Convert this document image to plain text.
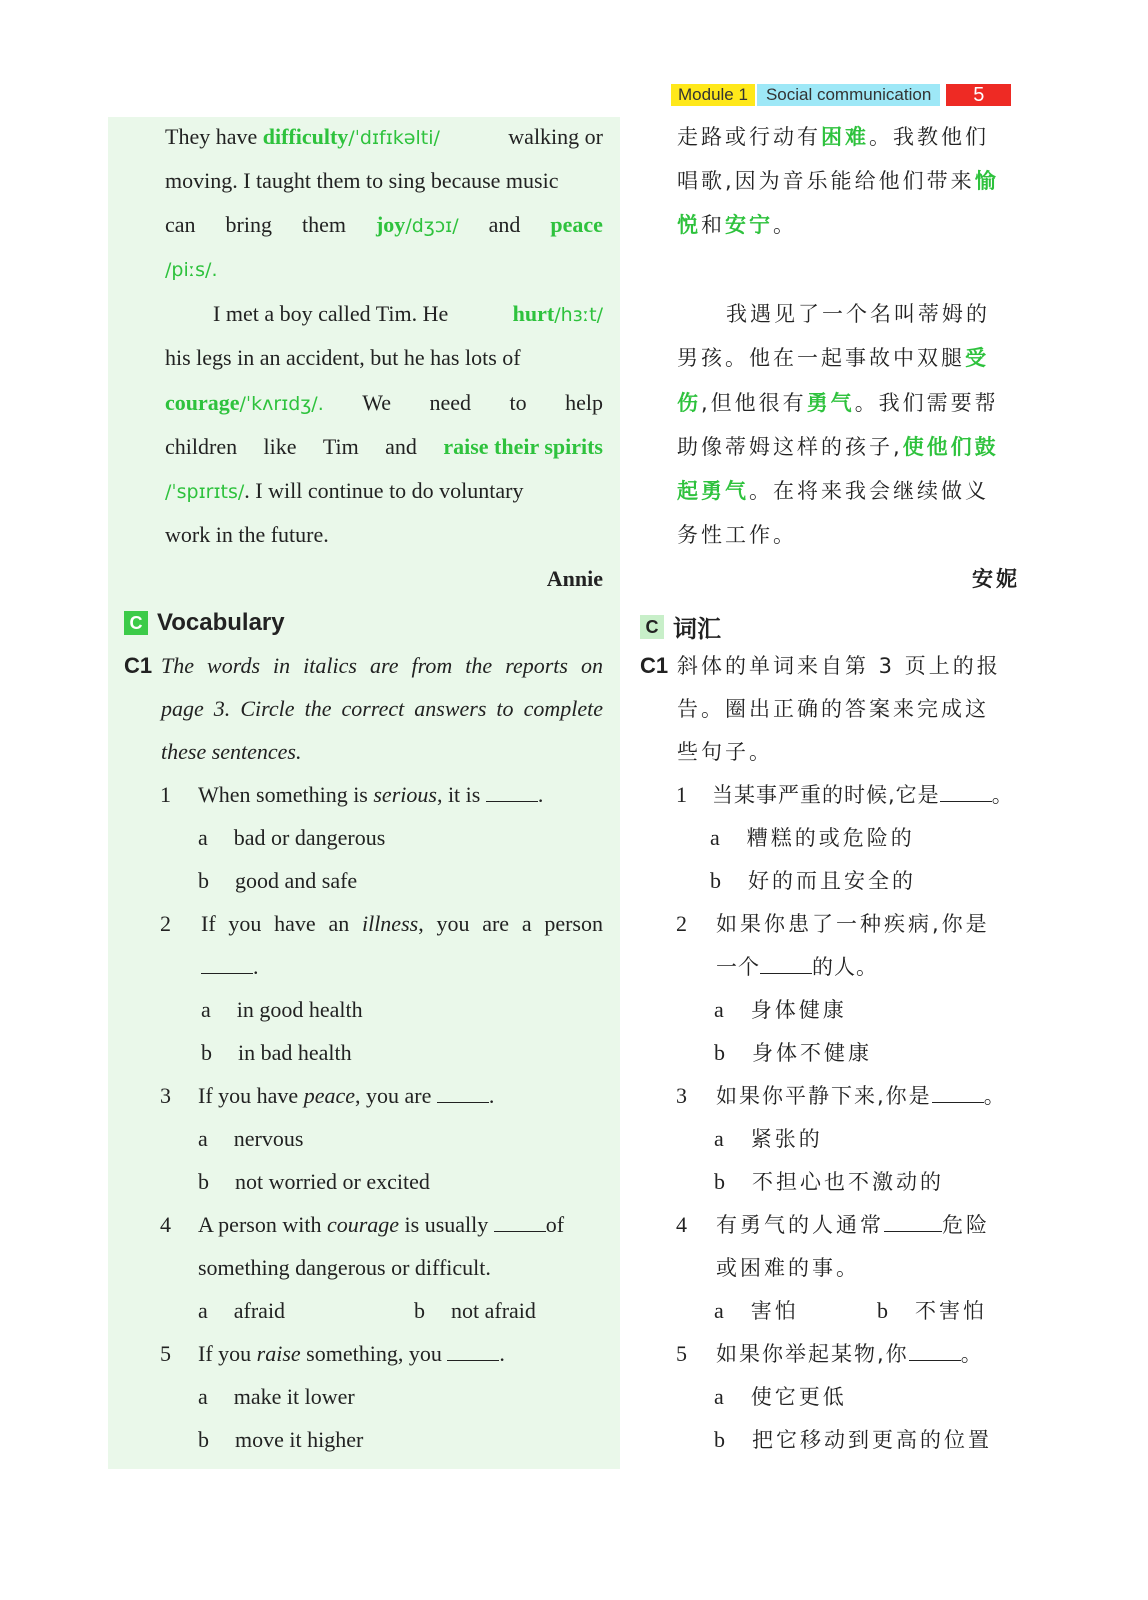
Module 1	Social communication	5
They have difficulty/ˈdɪfɪkəlti/	walking or
moving. I taught them to sing because music
can bring them joy/dʒɔɪ/ and peace
/piːs/.
I met a boy called Tim. He	hurt/hɜːt/
his legs in an accident, but he has lots of
courage/ˈkʌrɪdʒ/. We need to help
children like Tim and raise their spirits
/ˈspɪrɪts/. I will continue to do voluntary
work in the future.
Annie
走路或行动有困难。我教他们
唱歌,因为音乐能给他们带来愉
悦和安宁。
我遇见了一个名叫蒂姆的
男孩。他在一起事故中双腿受
伤,但他很有勇气。我们需要帮
助像蒂姆这样的孩子,使他们鼓
起勇气。在将来我会继续做义
务性工作。
安妮
C Vocabulary	C 词汇
C1 The words in italics are from the reports on
page 3. Circle the correct answers to complete
these sentences.
1 When something is serious, it is .
a bad or dangerous
b good and safe
2 If you have an illness, you are a person
.
a in good health
b in bad health
3 If you have peace, you are .
a nervous
b not worried or excited
4 A person with courage is usually of
something dangerous or difficult.
a afraid	b not afraid
5 If you raise something, you .
a make it lower
b move it higher
C1 斜体的单词来自第 3 页上的报
告。圈出正确的答案来完成这
些句子。
1 当某事严重的时候,它是 。
a 糟糕的或危险的
b 好的而且安全的
2 如果你患了一种疾病,你是
一个 的人。
a 身体健康
b 身体不健康
3 如果你平静下来,你是 。
a 紧张的
b 不担心也不激动的
4 有勇气的人通常	危险
或困难的事。
a 害怕	b 不害怕
5 如果你举起某物,你 。
a 使它更低
b 把它移动到更高的位置
